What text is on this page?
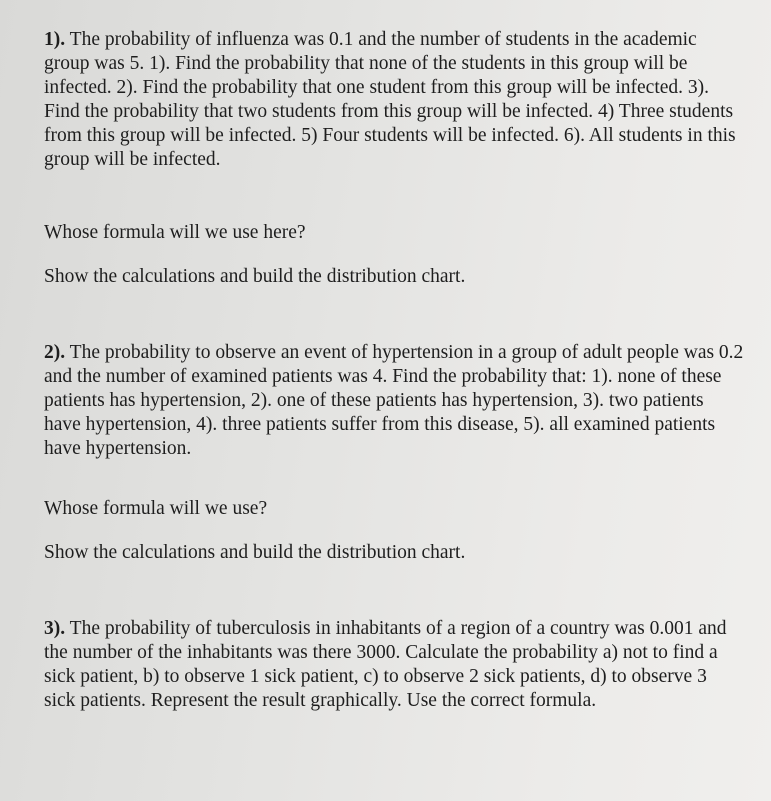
1). The probability of influenza was 0.1 and the number of students in the academic group was 5. 1). Find the probability that none of the students in this group will be infected. 2). Find the probability that one student from this group will be infected. 3). Find the probability that two students from this group will be infected. 4) Three students from this group will be infected. 5) Four students will be infected. 6). All students in this group will be infected.

Whose formula will we use here?

Show the calculations and build the distribution chart.

2). The probability to observe an event of hypertension in a group of adult people was 0.2 and the number of examined patients was 4. Find the probability that: 1). none of these patients has hypertension, 2). one of these patients has hypertension, 3). two patients have hypertension, 4). three patients suffer from this disease, 5). all examined patients have hypertension.

Whose formula will we use?

Show the calculations and build the distribution chart.

3). The probability of tuberculosis in inhabitants of a region of a country was 0.001 and the number of the inhabitants was there 3000. Calculate the probability a) not to find a sick patient, b) to observe 1 sick patient, c) to observe 2 sick patients, d) to observe 3 sick patients. Represent the result graphically. Use the correct formula.
